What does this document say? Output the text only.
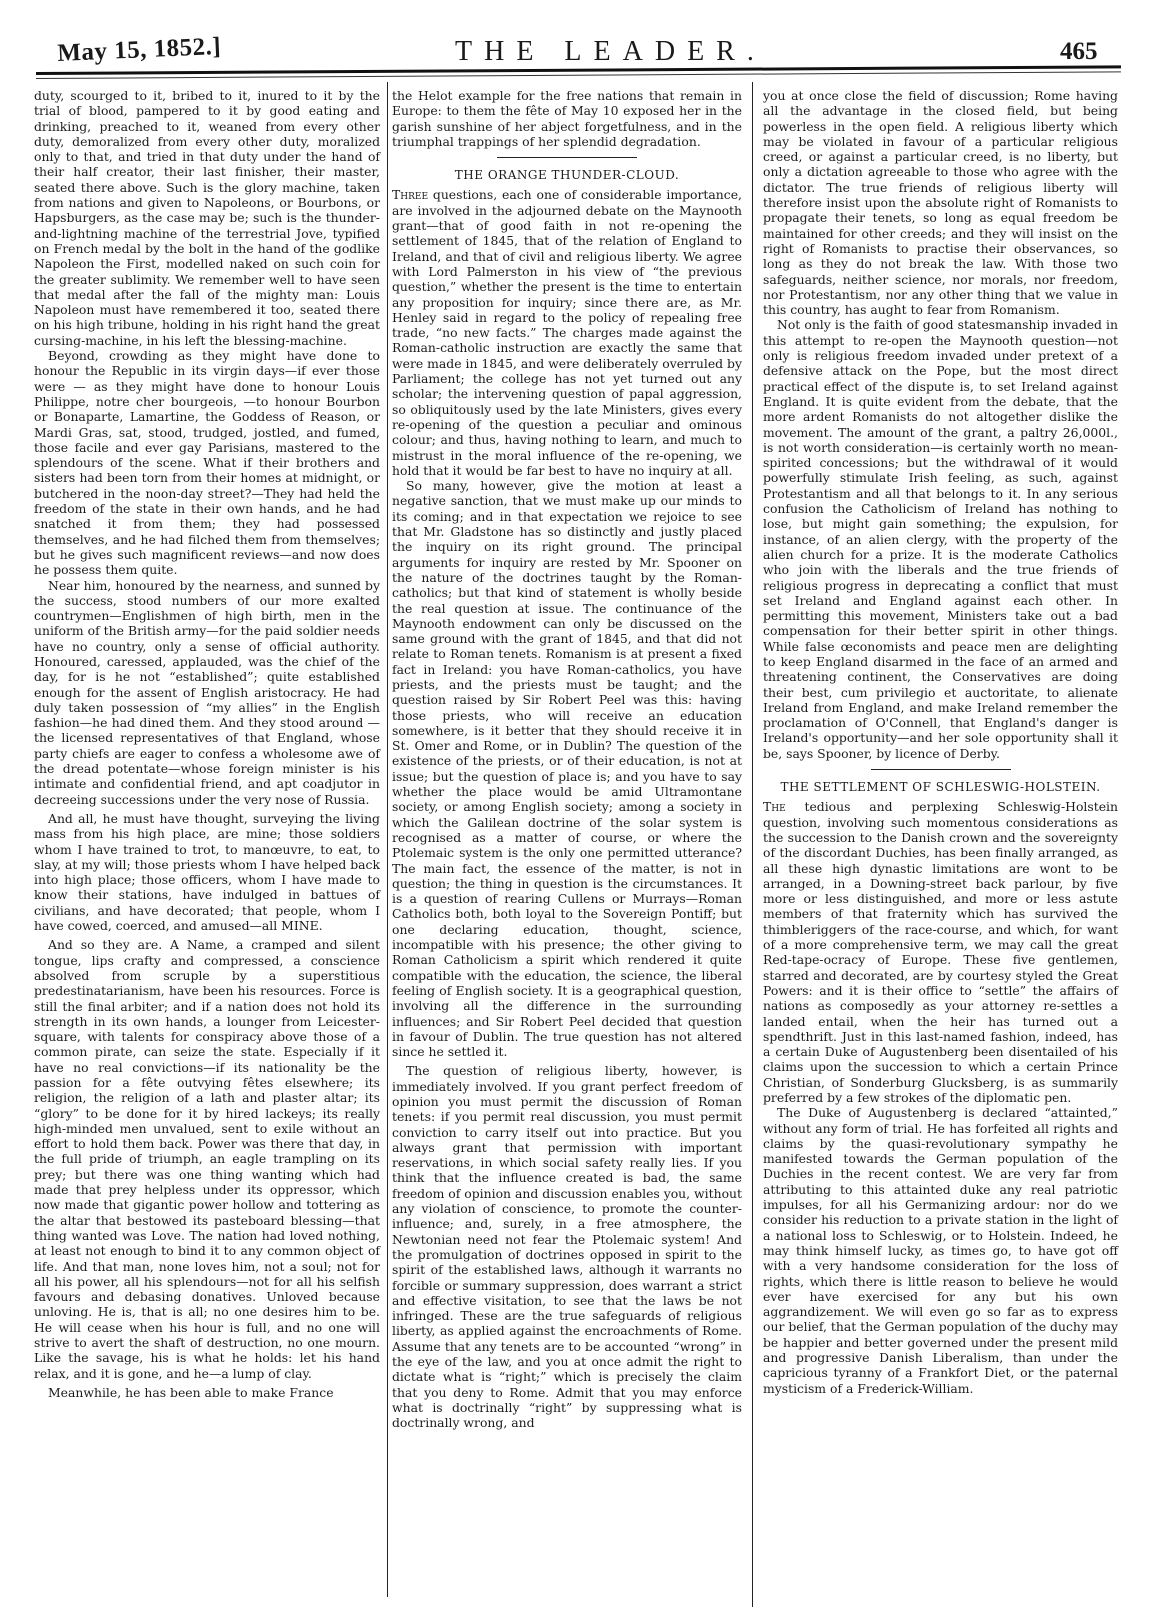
May 15, 1852.]	THE LEADER.	465

duty, scourged to it, bribed to it, inured to it by the trial of blood, pampered to it by good eating and drinking, preached to it, weaned from every other duty, demoralized from every other duty, moralized only to that, and tried in that duty under the hand of their half creator, their last finisher, their master, seated there above. Such is the glory machine, taken from nations and given to Napoleons, or Bourbons, or Hapsburgers, as the case may be; such is the thunder-and-lightning machine of the terrestrial Jove, typified on French medal by the bolt in the hand of the godlike Napoleon the First, modelled naked on such coin for the greater sublimity. We remember well to have seen that medal after the fall of the mighty man: Louis Napoleon must have remembered it too, seated there on his high tribune, holding in his right hand the great cursing-machine, in his left the blessing-machine.

Beyond, crowding as they might have done to honour the Republic in its virgin days—if ever those were — as they might have done to honour Louis Philippe, notre cher bourgeois, —to honour Bourbon or Bonaparte, Lamartine, the Goddess of Reason, or Mardi Gras, sat, stood, trudged, jostled, and fumed, those facile and ever gay Parisians, mastered to the splendours of the scene. What if their brothers and sisters had been torn from their homes at midnight, or butchered in the noon-day street?—They had held the freedom of the state in their own hands, and he had snatched it from them; they had possessed themselves, and he had filched them from themselves; but he gives such magnificent reviews—and now does he possess them quite.

Near him, honoured by the nearness, and sunned by the success, stood numbers of our more exalted countrymen—Englishmen of high birth, men in the uniform of the British army—for the paid soldier needs have no country, only a sense of official authority. Honoured, caressed, applauded, was the chief of the day, for is he not “established”; quite established enough for the assent of English aristocracy. He had duly taken possession of “my allies” in the English fashion—he had dined them. And they stood around — the licensed representatives of that England, whose party chiefs are eager to confess a wholesome awe of the dread potentate—whose foreign minister is his intimate and confidential friend, and apt coadjutor in decreeing successions under the very nose of Russia.

And all, he must have thought, surveying the living mass from his high place, are mine; those soldiers whom I have trained to trot, to manœuvre, to eat, to slay, at my will; those priests whom I have helped back into high place; those officers, whom I have made to know their stations, have indulged in battues of civilians, and have decorated; that people, whom I have cowed, coerced, and amused—all MINE.

And so they are. A Name, a cramped and silent tongue, lips crafty and compressed, a conscience absolved from scruple by a superstitious predestinatarianism, have been his resources. Force is still the final arbiter; and if a nation does not hold its strength in its own hands, a lounger from Leicester-square, with talents for conspiracy above those of a common pirate, can seize the state. Especially if it have no real convictions—if its nationality be the passion for a fête outvying fêtes elsewhere; its religion, the religion of a lath and plaster altar; its “glory” to be done for it by hired lackeys; its really high-minded men unvalued, sent to exile without an effort to hold them back. Power was there that day, in the full pride of triumph, an eagle trampling on its prey; but there was one thing wanting which had made that prey helpless under its oppressor, which now made that gigantic power hollow and tottering as the altar that bestowed its pasteboard blessing—that thing wanted was Love. The nation had loved nothing, at least not enough to bind it to any common object of life. And that man, none loves him, not a soul; not for all his power, all his splendours—not for all his selfish favours and debasing donatives. Unloved because unloving. He is, that is all; no one desires him to be. He will cease when his hour is full, and no one will strive to avert the shaft of destruction, no one mourn. Like the savage, his is what he holds: let his hand relax, and it is gone, and he—a lump of clay.

Meanwhile, he has been able to make France

the Helot example for the free nations that remain in Europe: to them the fête of May 10 exposed her in the garish sunshine of her abject forgetfulness, and in the triumphal trappings of her splendid degradation.

THE ORANGE THUNDER-CLOUD.

Three questions, each one of considerable importance, are involved in the adjourned debate on the Maynooth grant—that of good faith in not re-opening the settlement of 1845, that of the relation of England to Ireland, and that of civil and religious liberty. We agree with Lord Palmerston in his view of “the previous question,” whether the present is the time to entertain any proposition for inquiry; since there are, as Mr. Henley said in regard to the policy of repealing free trade, “no new facts.” The charges made against the Roman-catholic instruction are exactly the same that were made in 1845, and were deliberately overruled by Parliament; the college has not yet turned out any scholar; the intervening question of papal aggression, so obliquitously used by the late Ministers, gives every re-opening of the question a peculiar and ominous colour; and thus, having nothing to learn, and much to mistrust in the moral influence of the re-opening, we hold that it would be far best to have no inquiry at all.

So many, however, give the motion at least a negative sanction, that we must make up our minds to its coming; and in that expectation we rejoice to see that Mr. Gladstone has so distinctly and justly placed the inquiry on its right ground. The principal arguments for inquiry are rested by Mr. Spooner on the nature of the doctrines taught by the Roman-catholics; but that kind of statement is wholly beside the real question at issue. The continuance of the Maynooth endowment can only be discussed on the same ground with the grant of 1845, and that did not relate to Roman tenets. Romanism is at present a fixed fact in Ireland: you have Roman-catholics, you have priests, and the priests must be taught; and the question raised by Sir Robert Peel was this: having those priests, who will receive an education somewhere, is it better that they should receive it in St. Omer and Rome, or in Dublin? The question of the existence of the priests, or of their education, is not at issue; but the question of place is; and you have to say whether the place would be amid Ultramontane society, or among English society; among a society in which the Galilean doctrine of the solar system is recognised as a matter of course, or where the Ptolemaic system is the only one permitted utterance? The main fact, the essence of the matter, is not in question; the thing in question is the circumstances. It is a question of rearing Cullens or Murrays—Roman Catholics both, both loyal to the Sovereign Pontiff; but one declaring education, thought, science, incompatible with his presence; the other giving to Roman Catholicism a spirit which rendered it quite compatible with the education, the science, the liberal feeling of English society. It is a geographical question, involving all the difference in the surrounding influences; and Sir Robert Peel decided that question in favour of Dublin. The true question has not altered since he settled it.

The question of religious liberty, however, is immediately involved. If you grant perfect freedom of opinion you must permit the discussion of Roman tenets: if you permit real discussion, you must permit conviction to carry itself out into practice. But you always grant that permission with important reservations, in which social safety really lies. If you think that the influence created is bad, the same freedom of opinion and discussion enables you, without any violation of conscience, to promote the counter-influence; and, surely, in a free atmosphere, the Newtonian need not fear the Ptolemaic system! And the promulgation of doctrines opposed in spirit to the spirit of the established laws, although it warrants no forcible or summary suppression, does warrant a strict and effective visitation, to see that the laws be not infringed. These are the true safeguards of religious liberty, as applied against the encroachments of Rome. Assume that any tenets are to be accounted “wrong” in the eye of the law, and you at once admit the right to dictate what is “right;” which is precisely the claim that you deny to Rome. Admit that you may enforce what is doctrinally “right” by suppressing what is doctrinally wrong, and

you at once close the field of discussion; Rome having all the advantage in the closed field, but being powerless in the open field. A religious liberty which may be violated in favour of a particular religious creed, or against a particular creed, is no liberty, but only a dictation agreeable to those who agree with the dictator. The true friends of religious liberty will therefore insist upon the absolute right of Romanists to propagate their tenets, so long as equal freedom be maintained for other creeds; and they will insist on the right of Romanists to practise their observances, so long as they do not break the law. With those two safeguards, neither science, nor morals, nor freedom, nor Protestantism, nor any other thing that we value in this country, has aught to fear from Romanism.

Not only is the faith of good statesmanship invaded in this attempt to re-open the Maynooth question—not only is religious freedom invaded under pretext of a defensive attack on the Pope, but the most direct practical effect of the dispute is, to set Ireland against England. It is quite evident from the debate, that the more ardent Romanists do not altogether dislike the movement. The amount of the grant, a paltry 26,000l., is not worth consideration—is certainly worth no mean-spirited concessions; but the withdrawal of it would powerfully stimulate Irish feeling, as such, against Protestantism and all that belongs to it. In any serious confusion the Catholicism of Ireland has nothing to lose, but might gain something; the expulsion, for instance, of an alien clergy, with the property of the alien church for a prize. It is the moderate Catholics who join with the liberals and the true friends of religious progress in deprecating a conflict that must set Ireland and England against each other. In permitting this movement, Ministers take out a bad compensation for their better spirit in other things. While false œconomists and peace men are delighting to keep England disarmed in the face of an armed and threatening continent, the Conservatives are doing their best, cum privilegio et auctoritate, to alienate Ireland from England, and make Ireland remember the proclamation of O'Connell, that England's danger is Ireland's opportunity—and her sole opportunity shall it be, says Spooner, by licence of Derby.

THE SETTLEMENT OF SCHLESWIG-HOLSTEIN.

The tedious and perplexing Schleswig-Holstein question, involving such momentous considerations as the succession to the Danish crown and the sovereignty of the discordant Duchies, has been finally arranged, as all these high dynastic limitations are wont to be arranged, in a Downing-street back parlour, by five more or less distinguished, and more or less astute members of that fraternity which has survived the thimbleriggers of the race-course, and which, for want of a more comprehensive term, we may call the great Red-tape-ocracy of Europe. These five gentlemen, starred and decorated, are by courtesy styled the Great Powers: and it is their office to “settle” the affairs of nations as composedly as your attorney re-settles a landed entail, when the heir has turned out a spendthrift. Just in this last-named fashion, indeed, has a certain Duke of Augustenberg been disentailed of his claims upon the succession to which a certain Prince Christian, of Sonderburg Glucksberg, is as summarily preferred by a few strokes of the diplomatic pen.

The Duke of Augustenberg is declared “attainted,” without any form of trial. He has forfeited all rights and claims by the quasi-revolutionary sympathy he manifested towards the German population of the Duchies in the recent contest. We are very far from attributing to this attainted duke any real patriotic impulses, for all his Germanizing ardour: nor do we consider his reduction to a private station in the light of a national loss to Schleswig, or to Holstein. Indeed, he may think himself lucky, as times go, to have got off with a very handsome consideration for the loss of rights, which there is little reason to believe he would ever have exercised for any but his own aggrandizement. We will even go so far as to express our belief, that the German population of the duchy may be happier and better governed under the present mild and progressive Danish Liberalism, than under the capricious tyranny of a Frankfort Diet, or the paternal mysticism of a Frederick-William.
